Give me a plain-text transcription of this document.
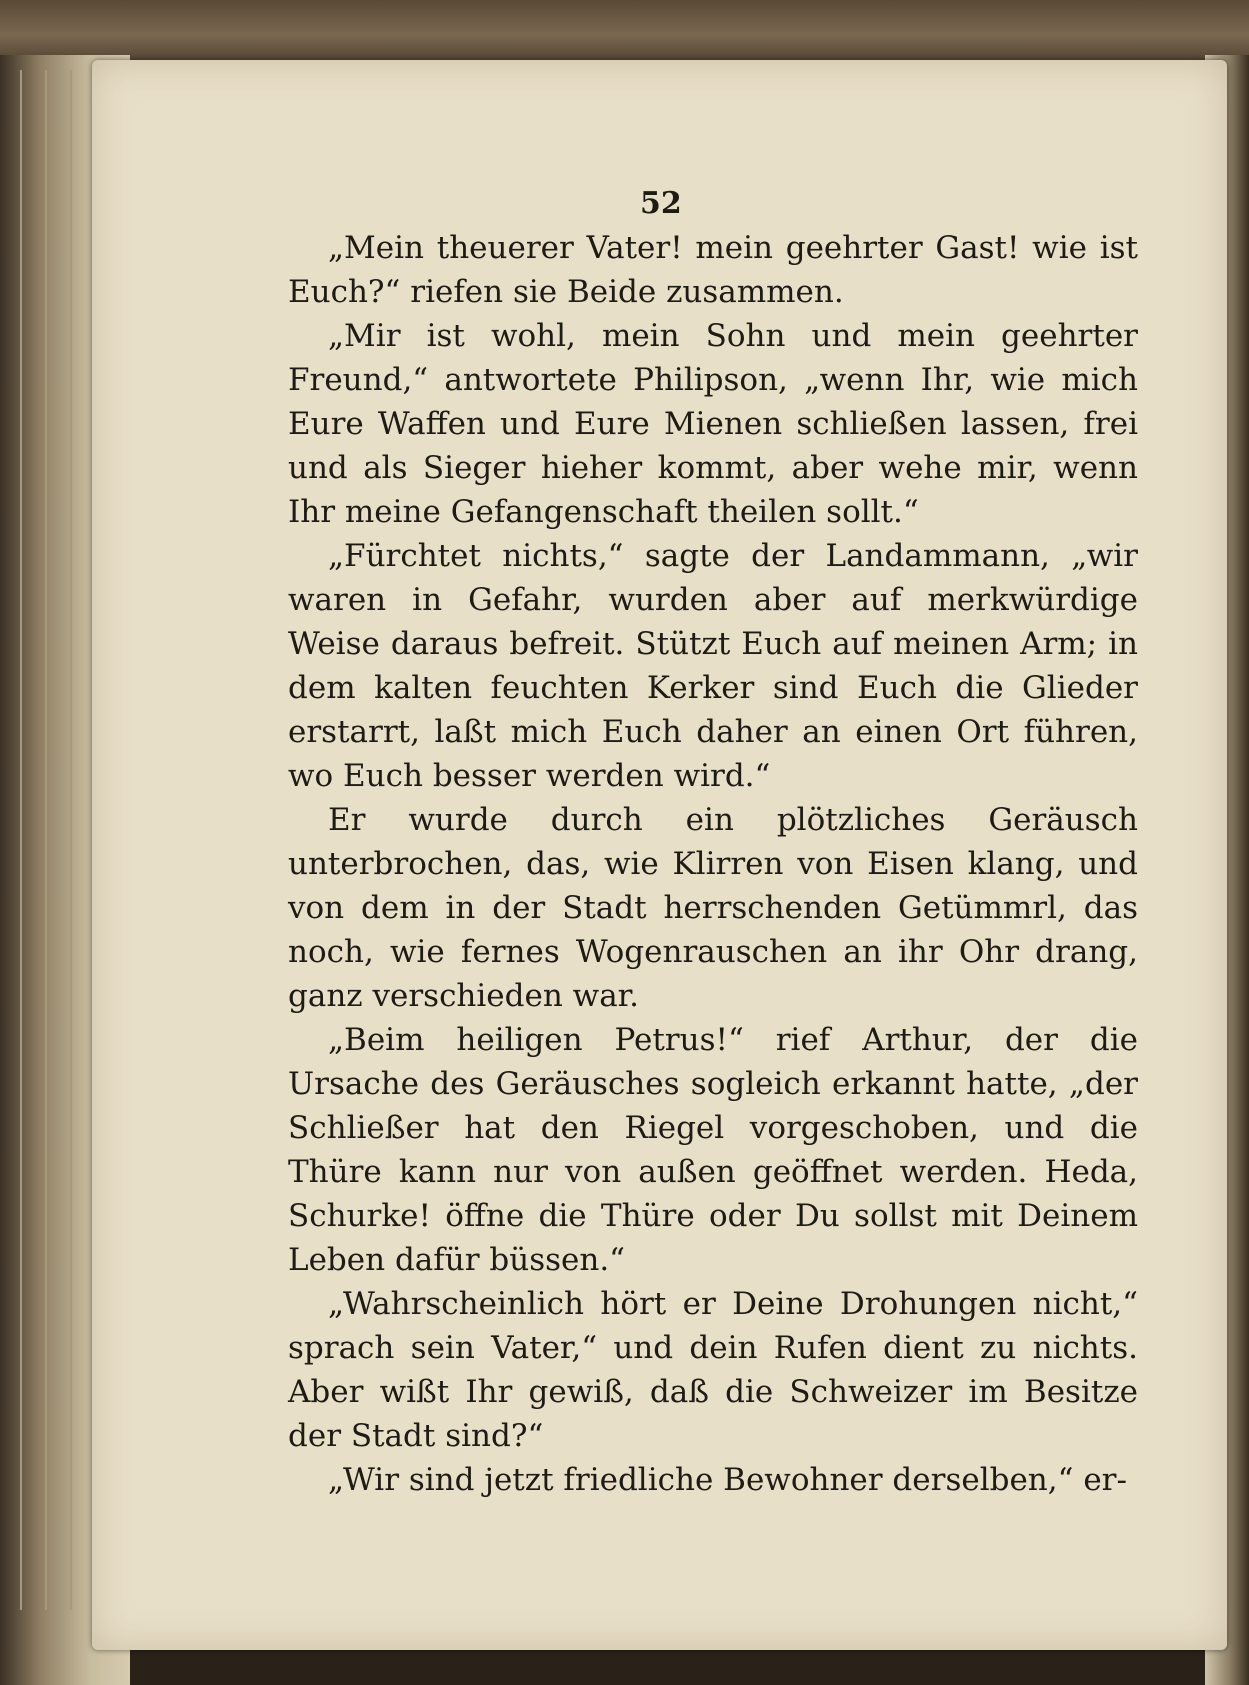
52

„Mein theuerer Vater! mein geehrter Gast! wie ist Euch?“ riefen sie Beide zusammen.

„Mir ist wohl, mein Sohn und mein geehrter Freund,“ antwortete Philipson, „wenn Ihr, wie mich Eure Waffen und Eure Mienen schließen lassen, frei und als Sieger hieher kommt, aber wehe mir, wenn Ihr meine Gefangenschaft theilen sollt.“

„Fürchtet nichts,“ sagte der Landammann, „wir waren in Gefahr, wurden aber auf merkwürdige Weise daraus befreit. Stützt Euch auf meinen Arm; in dem kalten feuchten Kerker sind Euch die Glieder erstarrt, laßt mich Euch daher an einen Ort führen, wo Euch besser werden wird.“

Er wurde durch ein plötzliches Geräusch unterbrochen, das, wie Klirren von Eisen klang, und von dem in der Stadt herrschenden Getümmrl, das noch, wie fernes Wogenrauschen an ihr Ohr drang, ganz verschieden war.

„Beim heiligen Petrus!“ rief Arthur, der die Ursache des Geräusches sogleich erkannt hatte, „der Schließer hat den Riegel vorgeschoben, und die Thüre kann nur von außen geöffnet werden. Heda, Schurke! öffne die Thüre oder Du sollst mit Deinem Leben dafür büssen.“

„Wahrscheinlich hört er Deine Drohungen nicht,“ sprach sein Vater,“ und dein Rufen dient zu nichts. Aber wißt Ihr gewiß, daß die Schweizer im Besitze der Stadt sind?“

„Wir sind jetzt friedliche Bewohner derselben,“ er-
